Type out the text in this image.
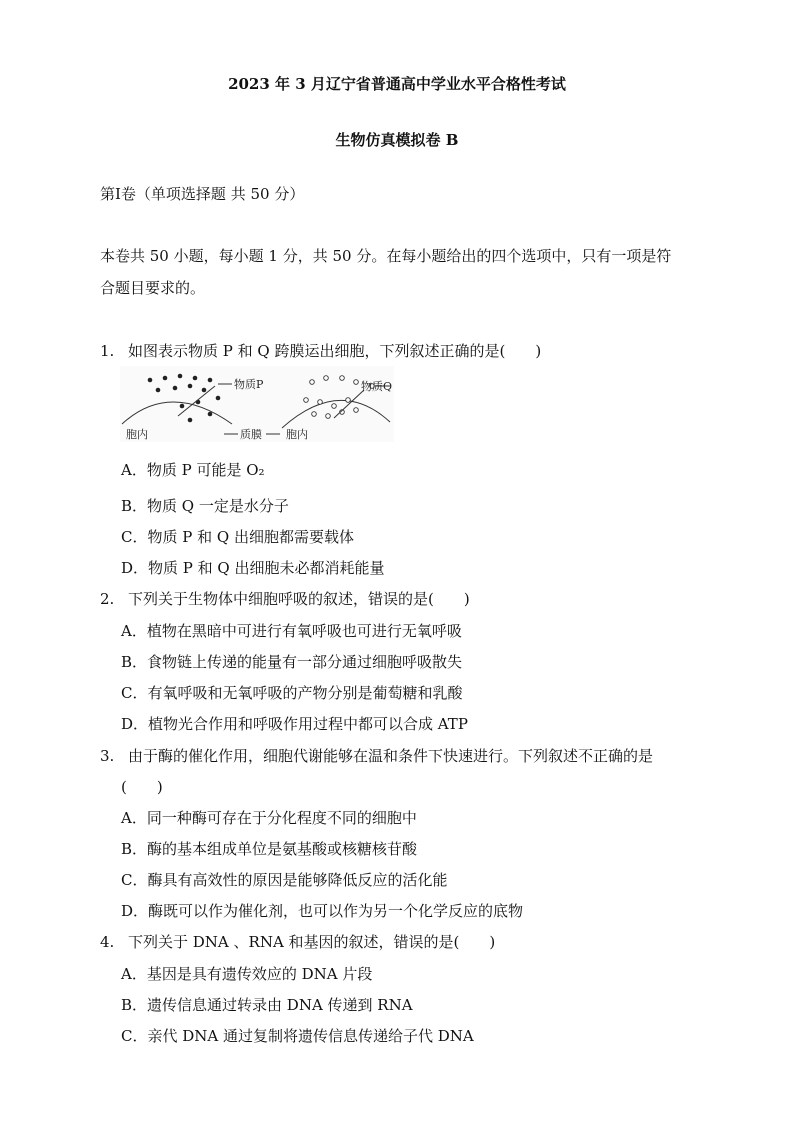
2023 年 3 月辽宁省普通高中学业水平合格性考试
生物仿真模拟卷 B
第Ⅰ卷（单项选择题 共 50 分）
本卷共 50 小题，每小题 1 分，共 50 分。在每小题给出的四个选项中，只有一项是符
合题目要求的。
1. 如图表示物质 P 和 Q 跨膜运出细胞，下列叙述正确的是(　　)
物质P	物质Q
胞内	质膜 胞内
A．物质 P 可能是 O₂
B．物质 Q 一定是水分子
C．物质 P 和 Q 出细胞都需要载体
D．物质 P 和 Q 出细胞未必都消耗能量
2. 下列关于生物体中细胞呼吸的叙述，错误的是(　　)
A．植物在黑暗中可进行有氧呼吸也可进行无氧呼吸
B．食物链上传递的能量有一部分通过细胞呼吸散失
C．有氧呼吸和无氧呼吸的产物分别是葡萄糖和乳酸
D．植物光合作用和呼吸作用过程中都可以合成 ATP
3. 由于酶的催化作用，细胞代谢能够在温和条件下快速进行。下列叙述不正确的是
(　　)
A．同一种酶可存在于分化程度不同的细胞中
B．酶的基本组成单位是氨基酸或核糖核苷酸
C．酶具有高效性的原因是能够降低反应的活化能
D．酶既可以作为催化剂，也可以作为另一个化学反应的底物
4. 下列关于 DNA 、RNA 和基因的叙述，错误的是(　　)
A．基因是具有遗传效应的 DNA 片段
B．遗传信息通过转录由 DNA 传递到 RNA
C．亲代 DNA 通过复制将遗传信息传递给子代 DNA
